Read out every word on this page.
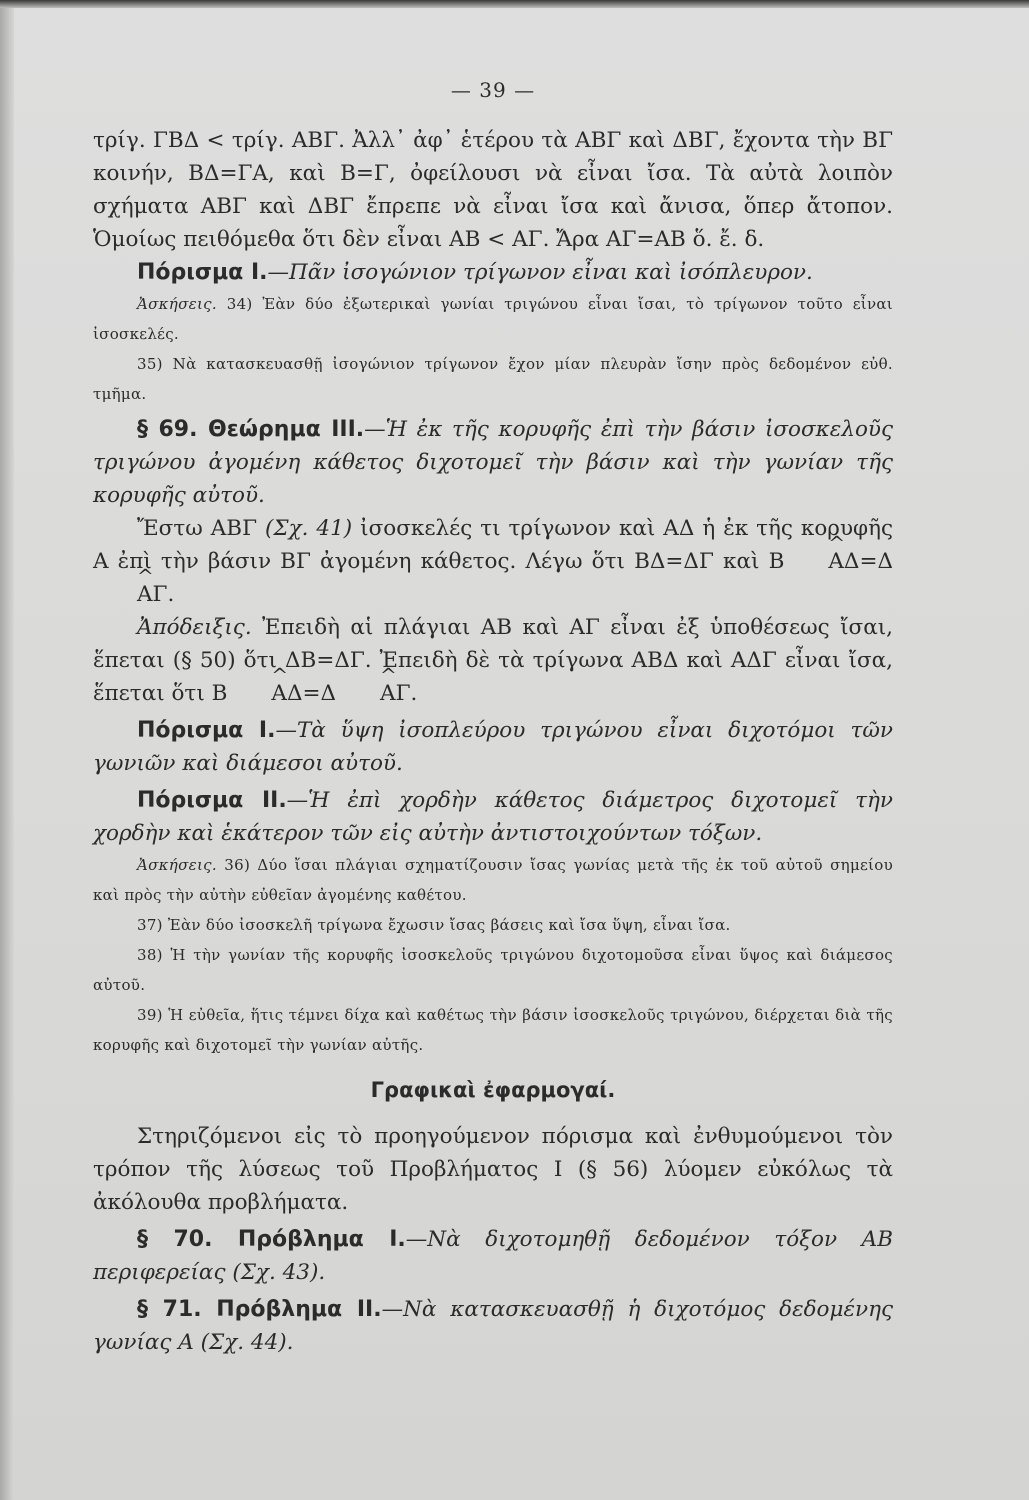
— 39 —

τρίγ. ΓΒΔ < τρίγ. ΑΒΓ. Ἀλλ᾽ ἀφ᾽ ἑτέρου τὰ ΑΒΓ καὶ ΔΒΓ, ἔχοντα τὴν ΒΓ κοινήν, ΒΔ=ΓΑ, καὶ Β=Γ, ὀφείλουσι νὰ εἶναι ἴσα. Τὰ αὐτὰ λοιπὸν σχήματα ΑΒΓ καὶ ΔΒΓ ἔπρεπε νὰ εἶναι ἴσα καὶ ἄνισα, ὅπερ ἄτοπον. Ὁμοίως πειθόμεθα ὅτι δὲν εἶναι ΑΒ < ΑΓ. Ἄρα ΑΓ=ΑΒ ὅ. ἔ. δ.

Πόρισμα I.—Πᾶν ἰσογώνιον τρίγωνον εἶναι καὶ ἰσόπλευρον.

Ἀσκήσεις. 34) Ἐὰν δύο ἐξωτερικαὶ γωνίαι τριγώνου εἶναι ἴσαι, τὸ τρίγωνον τοῦτο εἶναι ἰσοσκελές.

35) Νὰ κατασκευασθῇ ἰσογώνιον τρίγωνον ἔχον μίαν πλευρὰν ἴσην πρὸς δεδομένον εὐθ. τμῆμα.

§ 69. Θεώρημα III.—Ἡ ἐκ τῆς κορυφῆς ἐπὶ τὴν βάσιν ἰσοσκελοῦς τριγώνου ἀγομένη κάθετος διχοτομεῖ τὴν βάσιν καὶ τὴν γωνίαν τῆς κορυφῆς αὐτοῦ.

Ἔστω ΑΒΓ (Σχ. 41) ἰσοσκελές τι τρίγωνον καὶ ΑΔ ἡ ἐκ τῆς κορυφῆς Α ἐπὶ τὴν βάσιν ΒΓ ἀγομένη κάθετος. Λέγω ὅτι ΒΔ=ΔΓ καὶ Β ^ ΑΔ=Δ^ ΑΓ.

Ἀπόδειξις. Ἐπειδὴ αἱ πλάγιαι ΑΒ καὶ ΑΓ εἶναι ἐξ ὑποθέσεως ἴσαι, ἕπεται (§ 50) ὅτι ΔΒ=ΔΓ. Ἐπειδὴ δὲ τὰ τρίγωνα ΑΒΔ καὶ ΑΔΓ εἶναι ἴσα, ἕπεται ὅτι Β ^ ΑΔ=Δ ^ ΑΓ.

Πόρισμα I.—Τὰ ὕψη ἰσοπλεύρου τριγώνου εἶναι διχοτόμοι τῶν γωνιῶν καὶ διάμεσοι αὐτοῦ.

Πόρισμα II.—Ἡ ἐπὶ χορδὴν κάθετος διάμετρος διχοτομεῖ τὴν χορδὴν καὶ ἑκάτερον τῶν εἰς αὐτὴν ἀντιστοιχούντων τόξων.

Ἀσκήσεις. 36) Δύο ἴσαι πλάγιαι σχηματίζουσιν ἴσας γωνίας μετὰ τῆς ἐκ τοῦ αὐτοῦ σημείου καὶ πρὸς τὴν αὐτὴν εὐθεῖαν ἀγομένης καθέτου.

37) Ἐὰν δύο ἰσοσκελῆ τρίγωνα ἔχωσιν ἴσας βάσεις καὶ ἴσα ὕψη, εἶναι ἴσα.

38) Ἡ τὴν γωνίαν τῆς κορυφῆς ἰσοσκελοῦς τριγώνου διχοτομοῦσα εἶναι ὕψος καὶ διάμεσος αὐτοῦ.

39) Ἡ εὐθεῖα, ἥτις τέμνει δίχα καὶ καθέτως τὴν βάσιν ἰσοσκελοῦς τριγώνου, διέρχεται διὰ τῆς κορυφῆς καὶ διχοτομεῖ τὴν γωνίαν αὐτῆς.

Γραφικαὶ ἐφαρμογαί.

Στηριζόμενοι εἰς τὸ προηγούμενον πόρισμα καὶ ἐνθυμούμενοι τὸν τρόπον τῆς λύσεως τοῦ Προβλήματος Ι (§ 56) λύομεν εὐκόλως τὰ ἀκόλουθα προβλήματα.

§ 70. Πρόβλημα Ι.—Νὰ διχοτομηθῇ δεδομένον τόξον ΑΒ περιφερείας (Σχ. 43).

§ 71. Πρόβλημα II.—Νὰ κατασκευασθῇ ἡ διχοτόμος δεδομένης γωνίας Α (Σχ. 44).
